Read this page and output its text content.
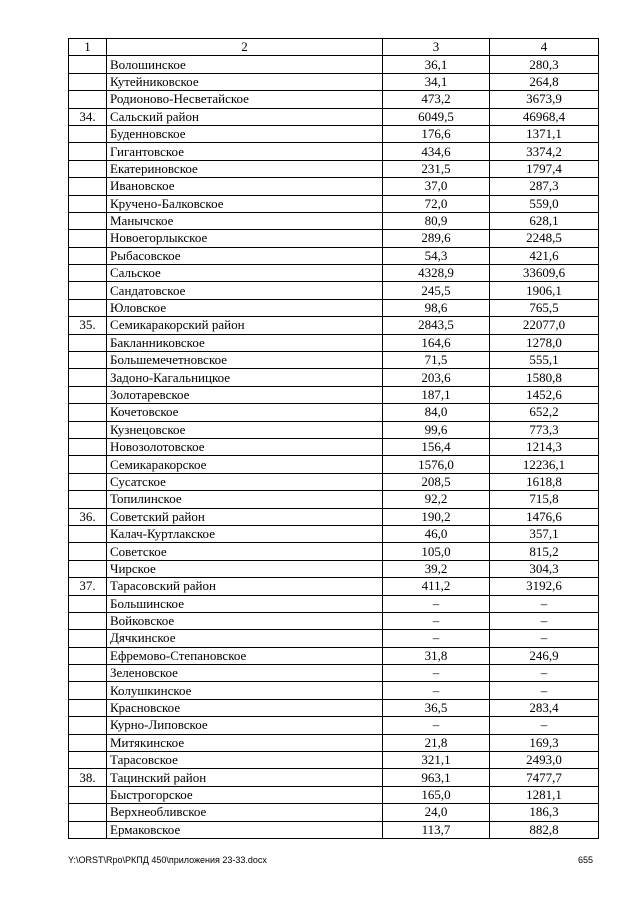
1	2	3	4
	Волошинское	36,1	280,3
	Кутейниковское	34,1	264,8
	Родионово-Несветайское	473,2	3673,9
34.	Сальский район	6049,5	46968,4
	Буденновское	176,6	1371,1
	Гигантовское	434,6	3374,2
	Екатериновское	231,5	1797,4
	Ивановское	37,0	287,3
	Кручено-Балковское	72,0	559,0
	Манычское	80,9	628,1
	Новоегорлыкское	289,6	2248,5
	Рыбасовское	54,3	421,6
	Сальское	4328,9	33609,6
	Сандатовское	245,5	1906,1
	Юловское	98,6	765,5
35.	Семикаракорский район	2843,5	22077,0
	Бакланниковское	164,6	1278,0
	Большемечетновское	71,5	555,1
	Задоно-Кагальницкое	203,6	1580,8
	Золотаревское	187,1	1452,6
	Кочетовское	84,0	652,2
	Кузнецовское	99,6	773,3
	Новозолотовское	156,4	1214,3
	Семикаракорское	1576,0	12236,1
	Сусатское	208,5	1618,8
	Топилинское	92,2	715,8
36.	Советский район	190,2	1476,6
	Калач-Куртлакское	46,0	357,1
	Советское	105,0	815,2
	Чирское	39,2	304,3
37.	Тарасовский район	411,2	3192,6
	Большинское	–	–
	Войковское	–	–
	Дячкинское	–	–
	Ефремово-Степановское	31,8	246,9
	Зеленовское	–	–
	Колушкинское	–	–
	Красновское	36,5	283,4
	Курно-Липовское	–	–
	Митякинское	21,8	169,3
	Тарасовское	321,1	2493,0
38.	Тацинский район	963,1	7477,7
	Быстрогорское	165,0	1281,1
	Верхнеобливское	24,0	186,3
	Ермаковское	113,7	882,8
Y:\ORST\Rpo\РКПД 450\приложения 23-33.docx	655
